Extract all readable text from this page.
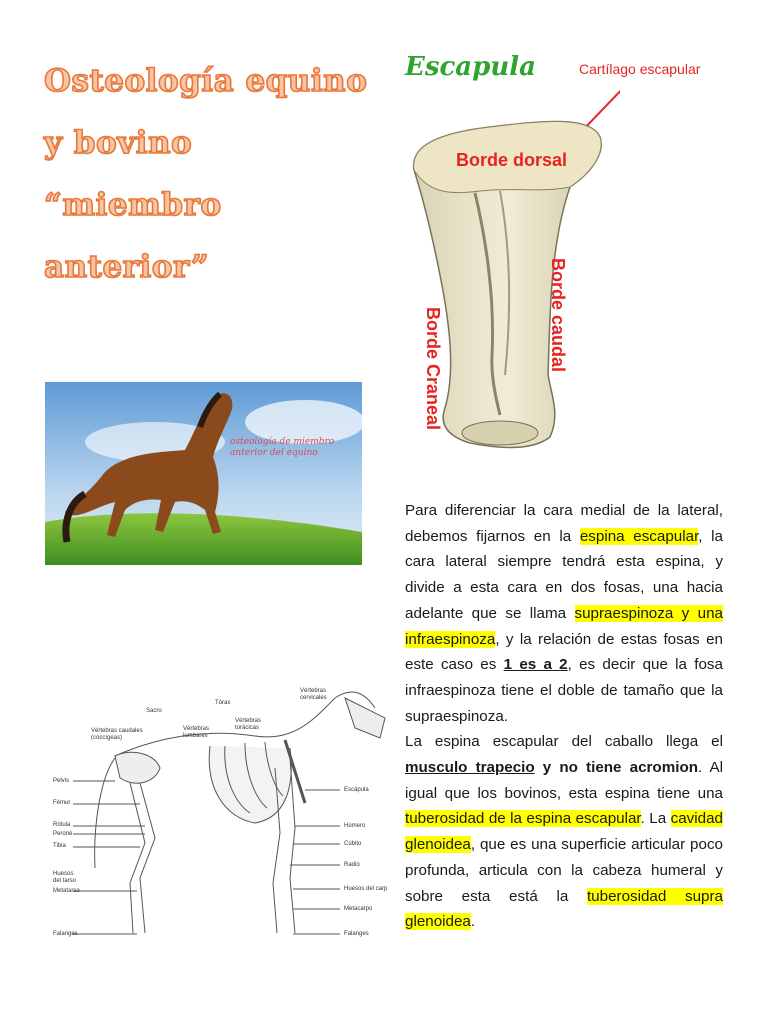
Osteología equino y bovino “miembro anterior”
Escapula	Cartílago escapular
Borde dorsal
Borde caudal
Borde Craneal
osteología de miembro anterior del equino
Sacro
Tórax
Vértebras cervicales
Vértebras caudales (coccígeas)
Vértebras lumbares
Vértebras torácicas
Pelvis
Fémur
Rótula
Peroné
Tibia
Huesos del tarso
Metatarso
Falanges
Escápula
Húmero
Cúbito
Radio
Huesos del carp
Metacarpo
Falanges

Para diferenciar la cara medial de la lateral, debemos fijarnos en la espina escapular, la cara lateral siempre tendrá esta espina, y divide a esta cara en dos fosas, una hacia adelante que se llama supraespinoza y una infraespinoza, y la relación de estas fosas en este caso es 1 es a 2, es decir que la fosa infraespinoza tiene el doble de tamaño que la supraespinoza.

La espina escapular del caballo llega el musculo trapecio y no tiene acromion. Al igual que los bovinos, esta espina tiene una tuberosidad de la espina escapular. La cavidad glenoidea, que es una superficie articular poco profunda, articula con la cabeza humeral y sobre esta está la tuberosidad supra glenoidea.
